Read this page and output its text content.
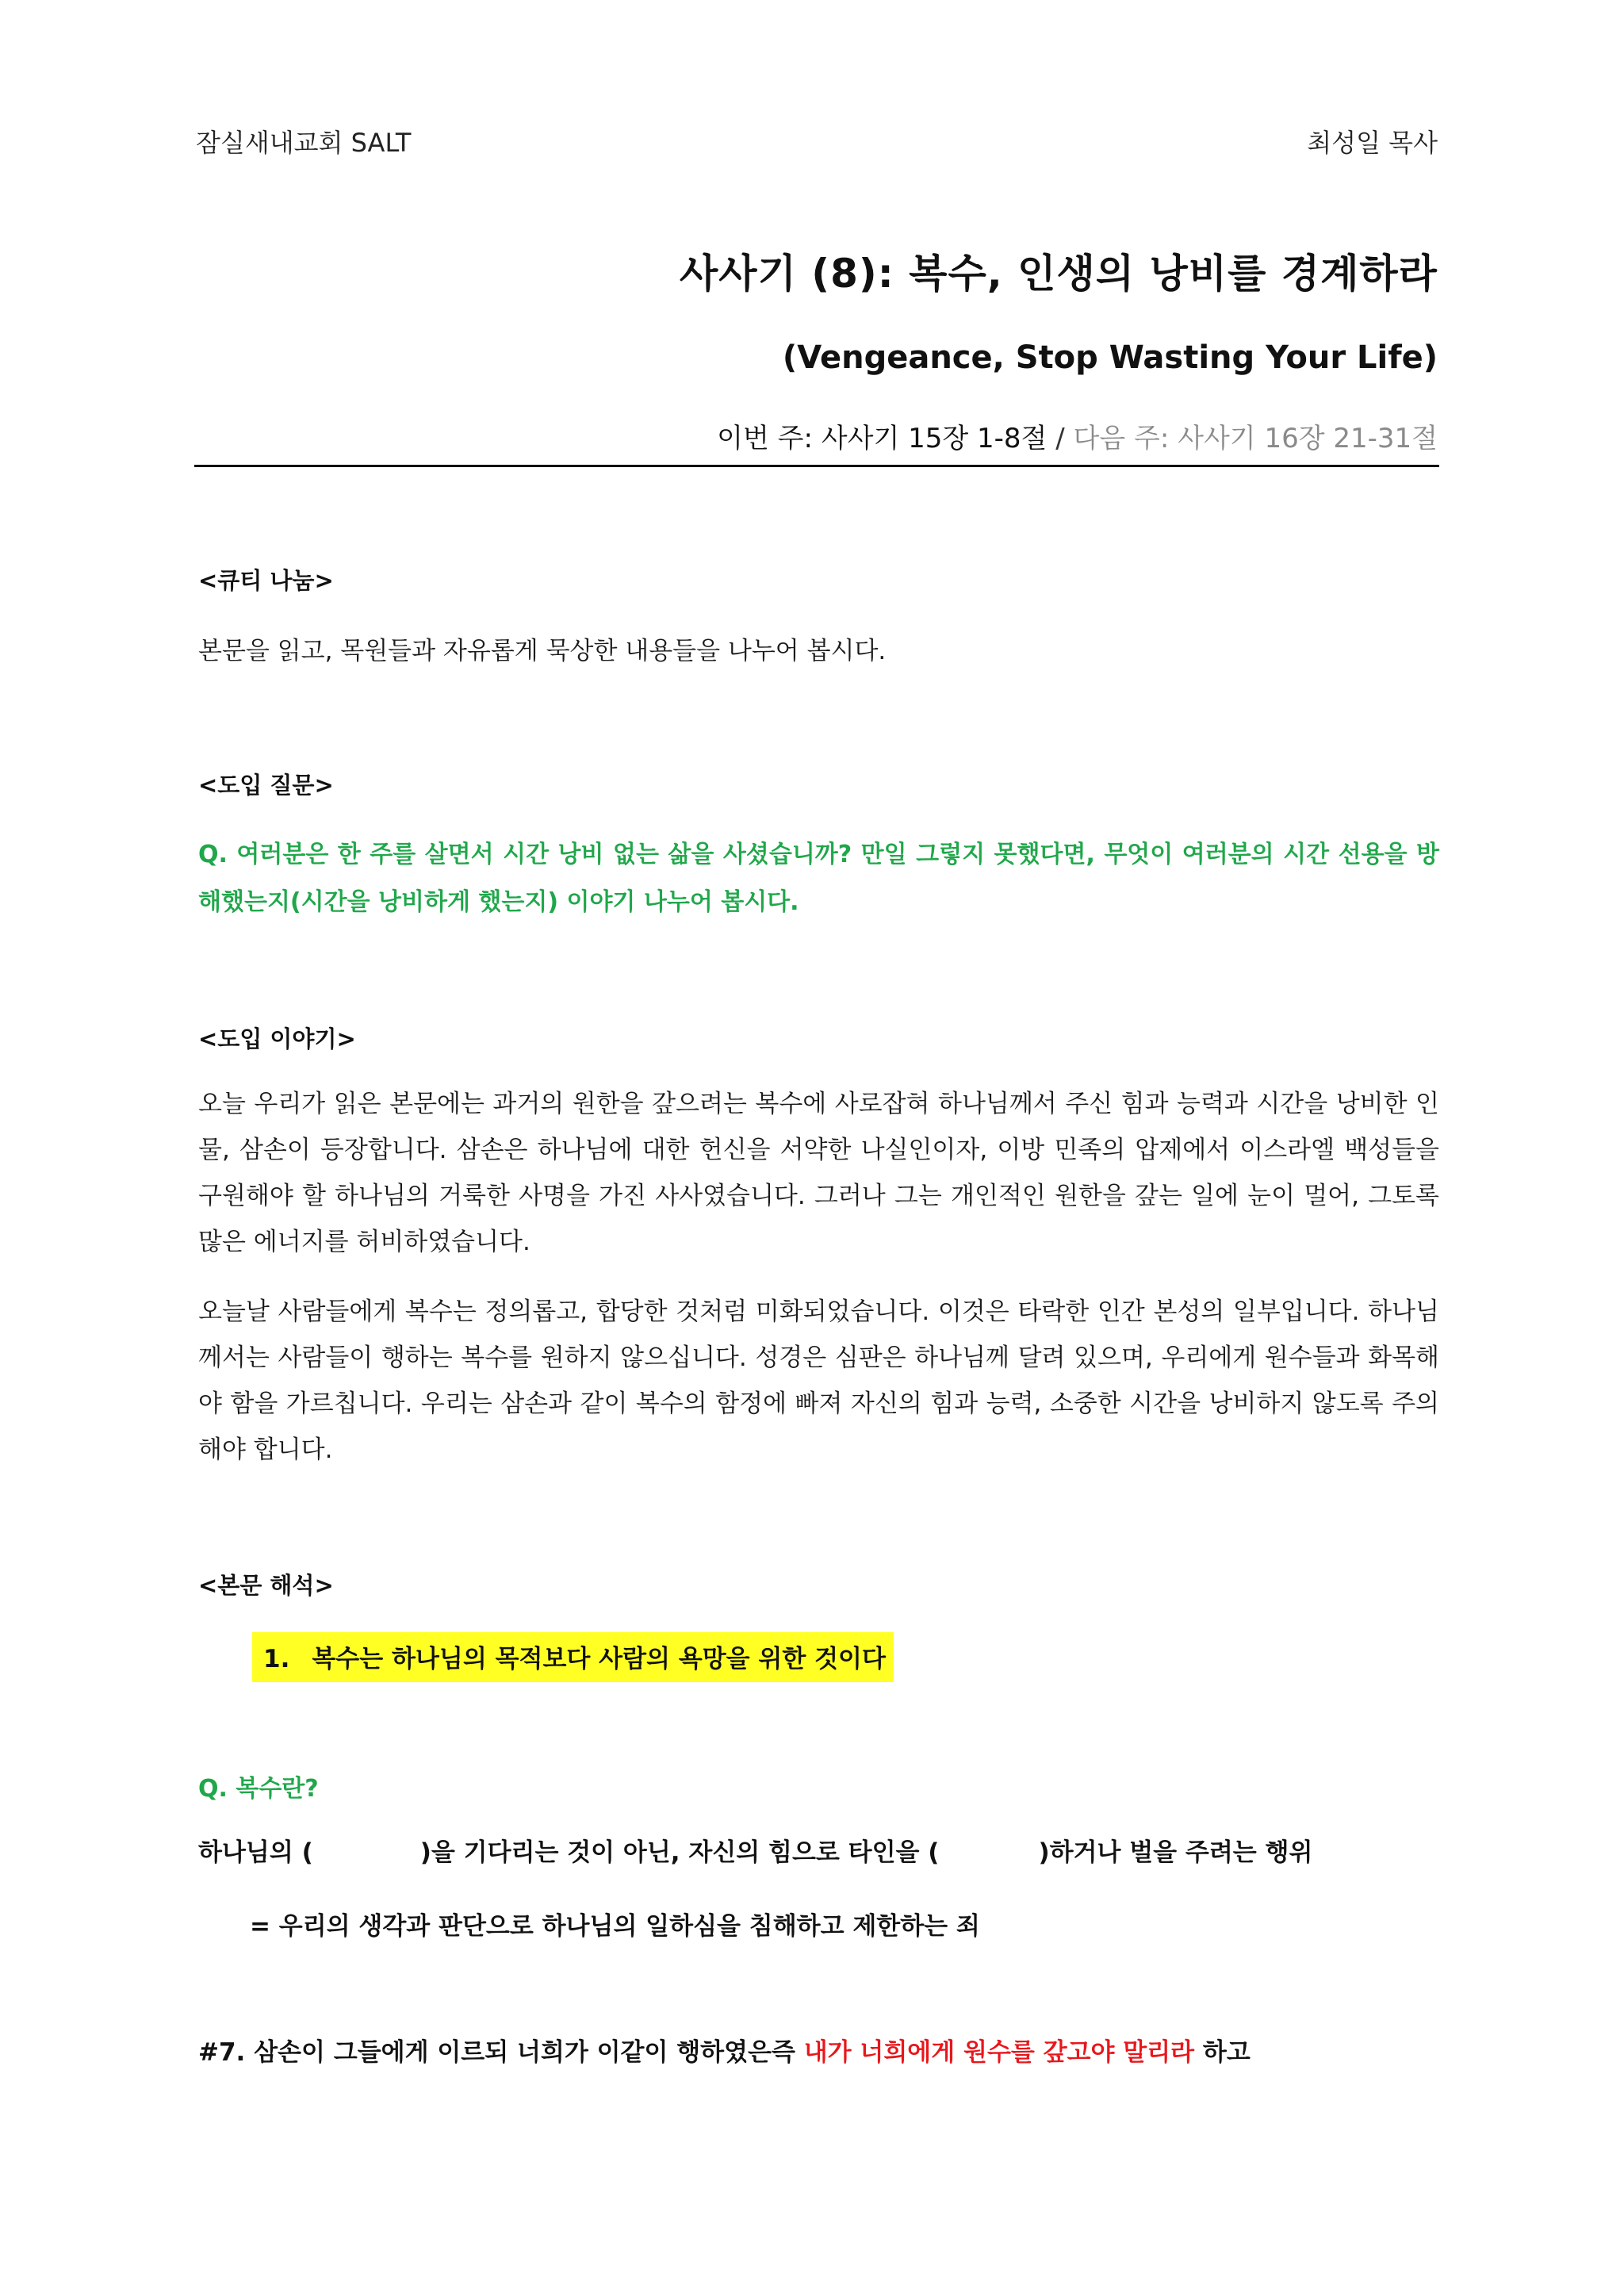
잠실새내교회 SALT	최성일 목사
사사기 (8): 복수, 인생의 낭비를 경계하라
(Vengeance, Stop Wasting Your Life)
이번 주: 사사기 15장 1-8절 / 다음 주: 사사기 16장 21-31절
<큐티 나눔>
본문을 읽고, 목원들과 자유롭게 묵상한 내용들을 나누어 봅시다.
<도입 질문>

Q. 여러분은 한 주를 살면서 시간 낭비 없는 삶을 사셨습니까? 만일 그렇지 못했다면, 무엇이 여러분의 시간 선용을 방해했는지(시간을 낭비하게 했는지) 이야기 나누어 봅시다.

<도입 이야기>

오늘 우리가 읽은 본문에는 과거의 원한을 갚으려는 복수에 사로잡혀 하나님께서 주신 힘과 능력과 시간을 낭비한 인물, 삼손이 등장합니다. 삼손은 하나님에 대한 헌신을 서약한 나실인이자, 이방 민족의 압제에서 이스라엘 백성들을 구원해야 할 하나님의 거룩한 사명을 가진 사사였습니다. 그러나 그는 개인적인 원한을 갚는 일에 눈이 멀어, 그토록 많은 에너지를 허비하였습니다.

오늘날 사람들에게 복수는 정의롭고, 합당한 것처럼 미화되었습니다. 이것은 타락한 인간 본성의 일부입니다. 하나님께서는 사람들이 행하는 복수를 원하지 않으십니다. 성경은 심판은 하나님께 달려 있으며, 우리에게 원수들과 화목해야 함을 가르칩니다. 우리는 삼손과 같이 복수의 함정에 빠져 자신의 힘과 능력, 소중한 시간을 낭비하지 않도록 주의해야 합니다.

<본문 해석>
1. 복수는 하나님의 목적보다 사람의 욕망을 위한 것이다
Q. 복수란?
하나님의 (	)을 기다리는 것이 아닌, 자신의 힘으로 타인을 (	)하거나 벌을 주려는 행위
= 우리의 생각과 판단으로 하나님의 일하심을 침해하고 제한하는 죄
#7. 삼손이 그들에게 이르되 너희가 이같이 행하였은즉 내가 너희에게 원수를 갚고야 말리라 하고
